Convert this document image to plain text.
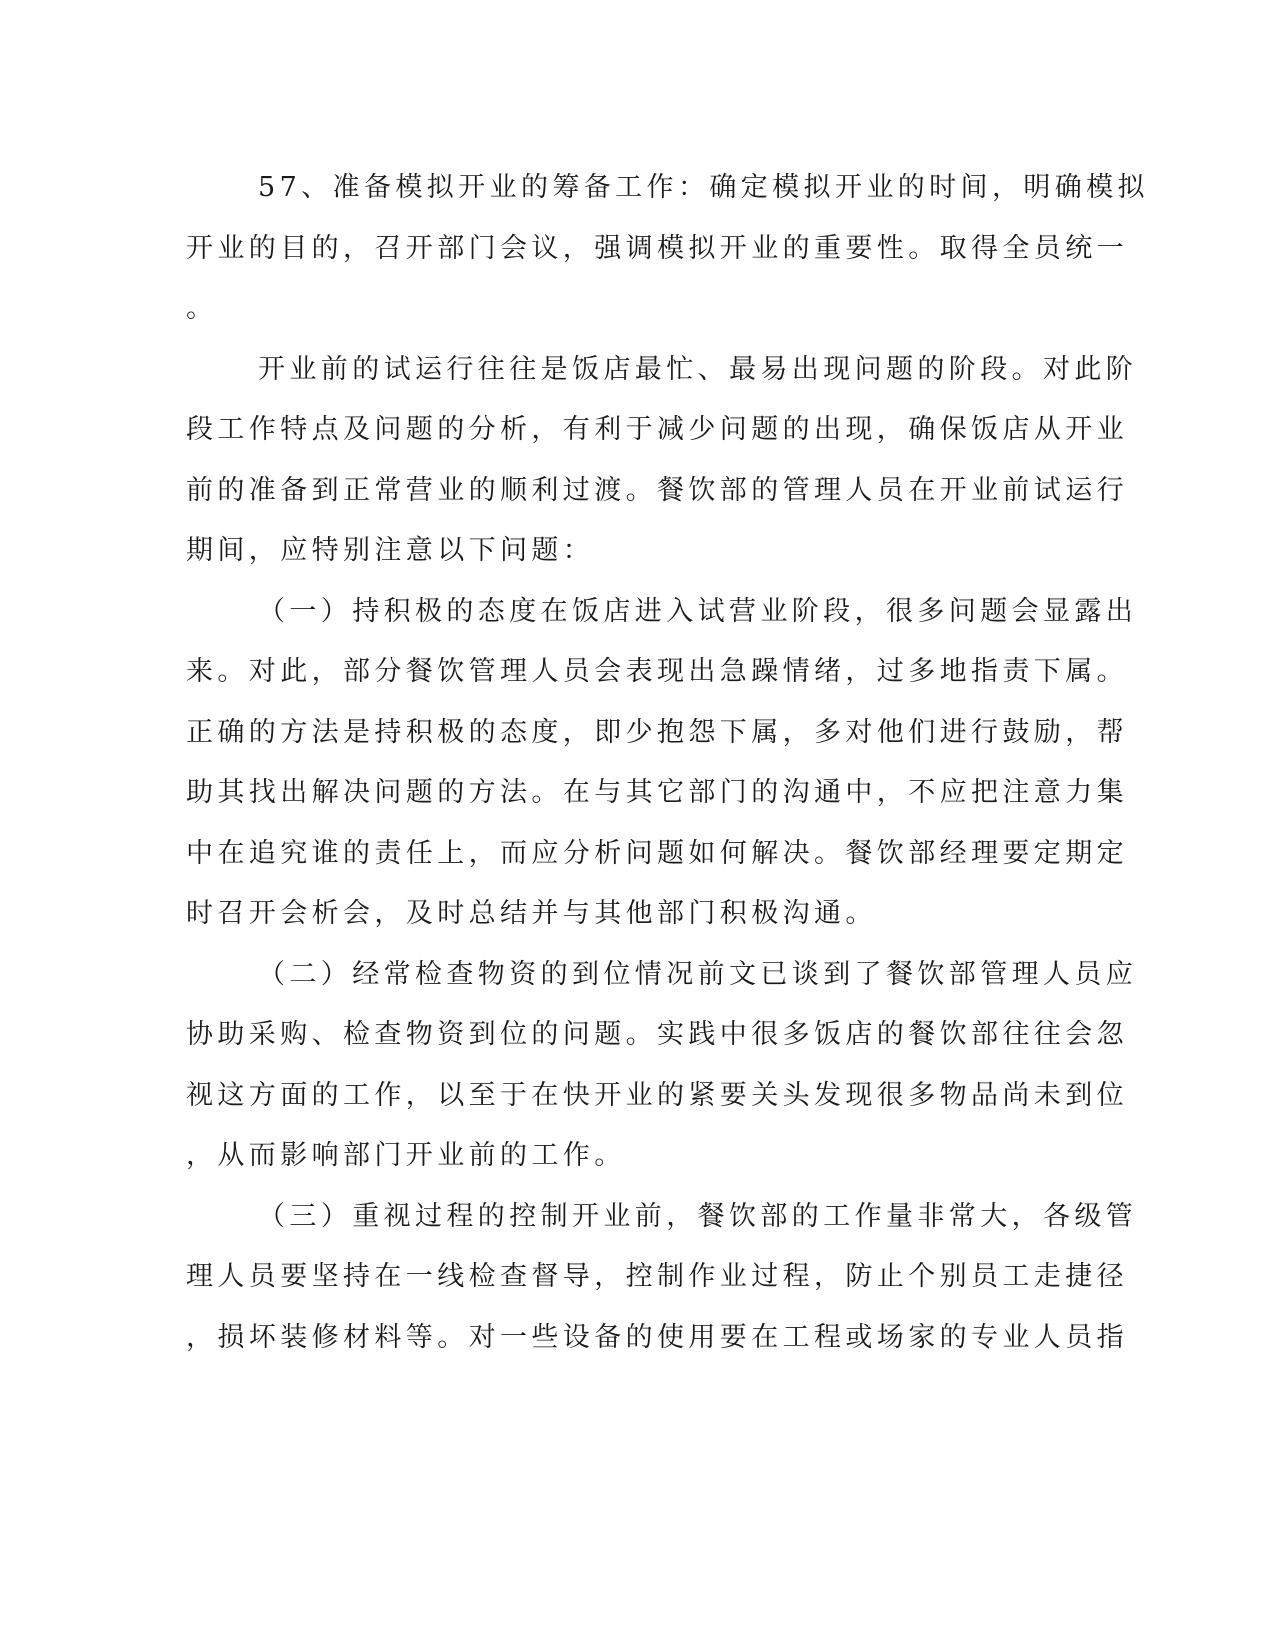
57、准备模拟开业的筹备工作：确定模拟开业的时间，明确模拟
开业的目的，召开部门会议，强调模拟开业的重要性。取得全员统一
。
开业前的试运行往往是饭店最忙、最易出现问题的阶段。对此阶
段工作特点及问题的分析，有利于减少问题的出现，确保饭店从开业
前的准备到正常营业的顺利过渡。餐饮部的管理人员在开业前试运行
期间，应特别注意以下问题：
（一）持积极的态度在饭店进入试营业阶段，很多问题会显露出
来。对此，部分餐饮管理人员会表现出急躁情绪，过多地指责下属。
正确的方法是持积极的态度，即少抱怨下属，多对他们进行鼓励，帮
助其找出解决问题的方法。在与其它部门的沟通中，不应把注意力集
中在追究谁的责任上，而应分析问题如何解决。餐饮部经理要定期定
时召开会析会，及时总结并与其他部门积极沟通。
（二）经常检查物资的到位情况前文已谈到了餐饮部管理人员应
协助采购、检查物资到位的问题。实践中很多饭店的餐饮部往往会忽
视这方面的工作，以至于在快开业的紧要关头发现很多物品尚未到位
，从而影响部门开业前的工作。
（三）重视过程的控制开业前，餐饮部的工作量非常大，各级管
理人员要坚持在一线检查督导，控制作业过程，防止个别员工走捷径
，损坏装修材料等。对一些设备的使用要在工程或场家的专业人员指
